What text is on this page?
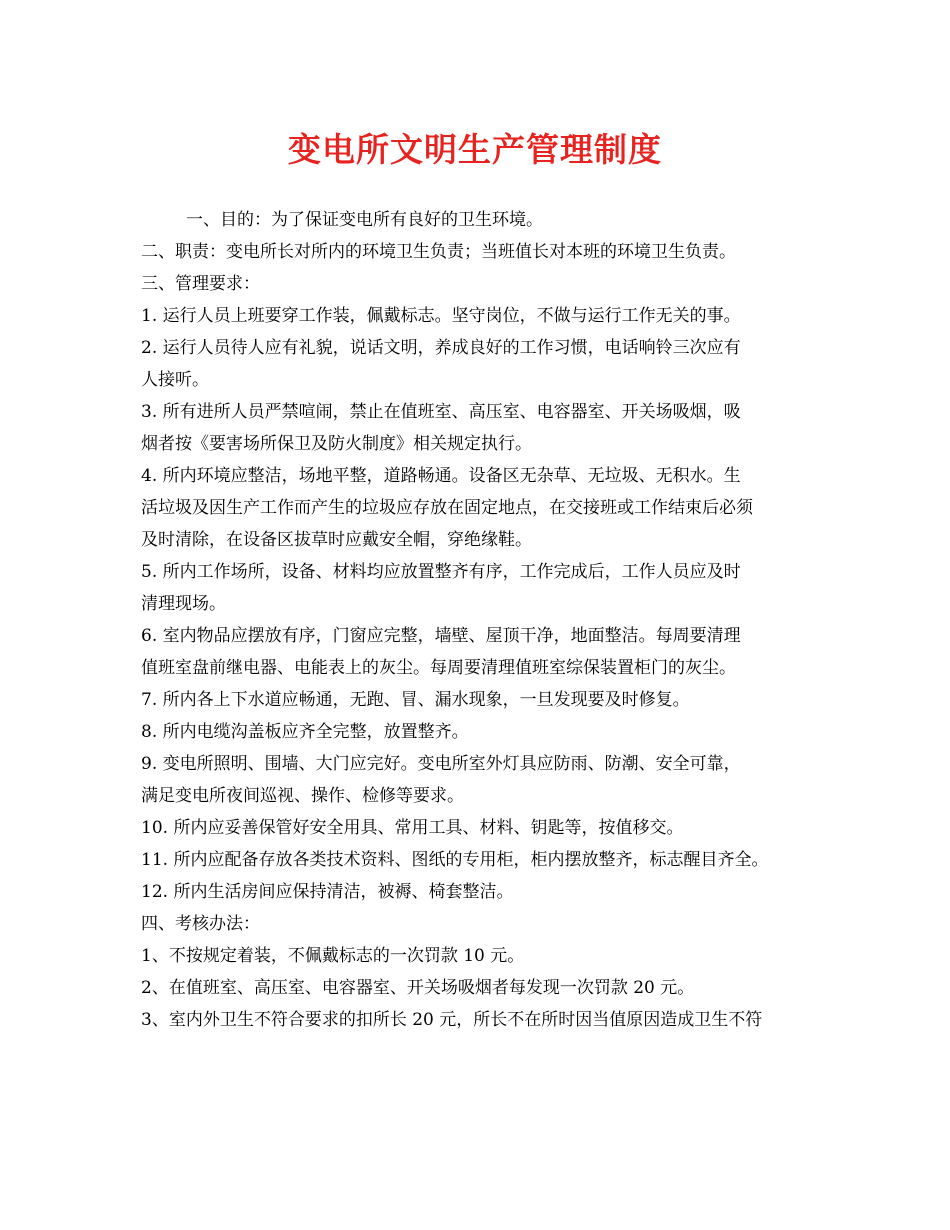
变电所文明生产管理制度
一、目的：为了保证变电所有良好的卫生环境。
二、职责：变电所长对所内的环境卫生负责；当班值长对本班的环境卫生负责。
三、管理要求：
1. 运行人员上班要穿工作装，佩戴标志。坚守岗位，不做与运行工作无关的事。
2. 运行人员待人应有礼貌，说话文明，养成良好的工作习惯，电话响铃三次应有
人接听。
3. 所有进所人员严禁喧闹，禁止在值班室、高压室、电容器室、开关场吸烟，吸
烟者按《要害场所保卫及防火制度》相关规定执行。
4. 所内环境应整洁，场地平整，道路畅通。设备区无杂草、无垃圾、无积水。生
活垃圾及因生产工作而产生的垃圾应存放在固定地点，在交接班或工作结束后必须
及时清除，在设备区拔草时应戴安全帽，穿绝缘鞋。
5. 所内工作场所，设备、材料均应放置整齐有序，工作完成后，工作人员应及时
清理现场。
6. 室内物品应摆放有序，门窗应完整，墙壁、屋顶干净，地面整洁。每周要清理
值班室盘前继电器、电能表上的灰尘。每周要清理值班室综保装置柜门的灰尘。
7. 所内各上下水道应畅通，无跑、冒、漏水现象，一旦发现要及时修复。
8. 所内电缆沟盖板应齐全完整，放置整齐。
9. 变电所照明、围墙、大门应完好。变电所室外灯具应防雨、防潮、安全可靠，
满足变电所夜间巡视、操作、检修等要求。
10. 所内应妥善保管好安全用具、常用工具、材料、钥匙等，按值移交。
11. 所内应配备存放各类技术资料、图纸的专用柜，柜内摆放整齐，标志醒目齐全。
12. 所内生活房间应保持清洁，被褥、椅套整洁。
四、考核办法：
1、不按规定着装，不佩戴标志的一次罚款 10 元。
2、在值班室、高压室、电容器室、开关场吸烟者每发现一次罚款 20 元。
3、室内外卫生不符合要求的扣所长 20 元，所长不在所时因当值原因造成卫生不符
